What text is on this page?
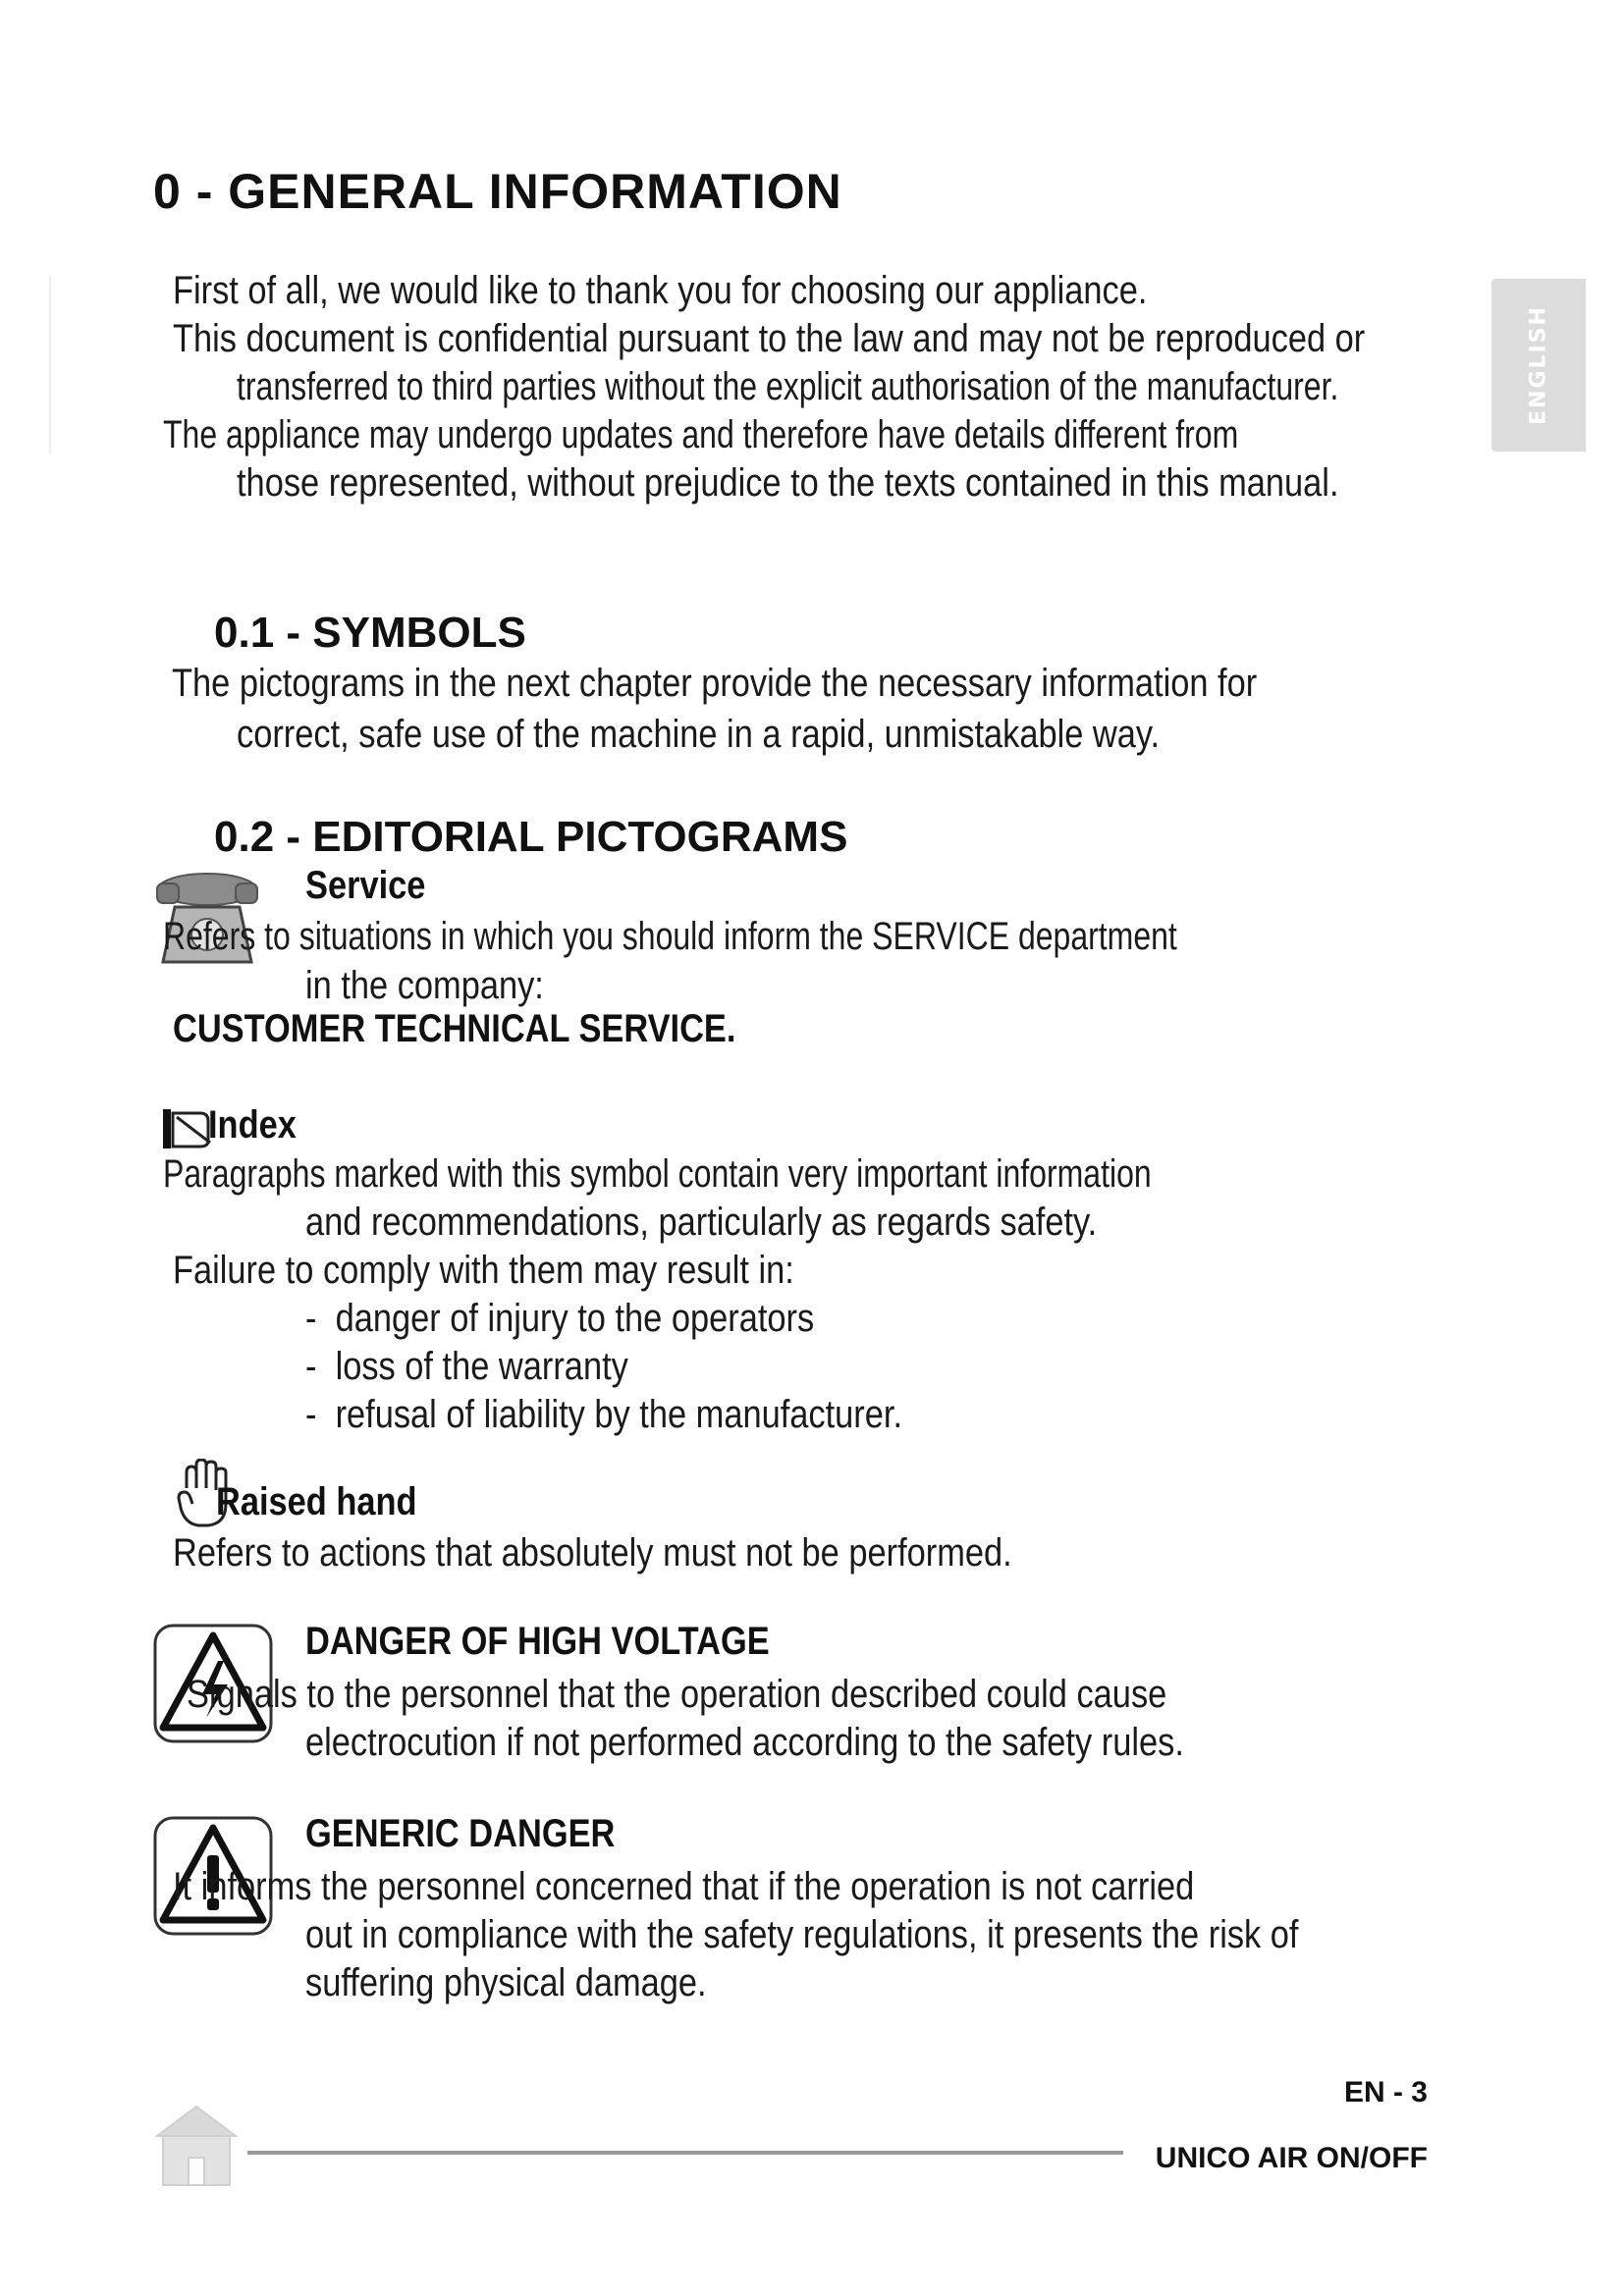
ENGLISH
0 - GENERAL INFORMATION
First of all, we would like to thank you for choosing our appliance.
This document is confidential pursuant to the law and may not be reproduced or
transferred to third parties without the explicit authorisation of the manufacturer.
The appliance may undergo updates and therefore have details different from
those represented, without prejudice to the texts contained in this manual.
0.1 - SYMBOLS
The pictograms in the next chapter provide the necessary information for
correct, safe use of the machine in a rapid, unmistakable way.
0.2 - EDITORIAL PICTOGRAMS
Service
Refers to situations in which you should inform the SERVICE department
in the company:
CUSTOMER TECHNICAL SERVICE.
Index
Paragraphs marked with this symbol contain very important information
and recommendations, particularly as regards safety.
Failure to comply with them may result in:
-  danger of injury to the operators
-  loss of the warranty
-  refusal of liability by the manufacturer.
Raised hand
Refers to actions that absolutely must not be performed.
DANGER OF HIGH VOLTAGE
Signals to the personnel that the operation described could cause
electrocution if not performed according to the safety rules.
GENERIC DANGER
It informs the personnel concerned that if the operation is not carried
out in compliance with the safety regulations, it presents the risk of
suffering physical damage.
EN - 3
UNICO AIR ON/OFF
